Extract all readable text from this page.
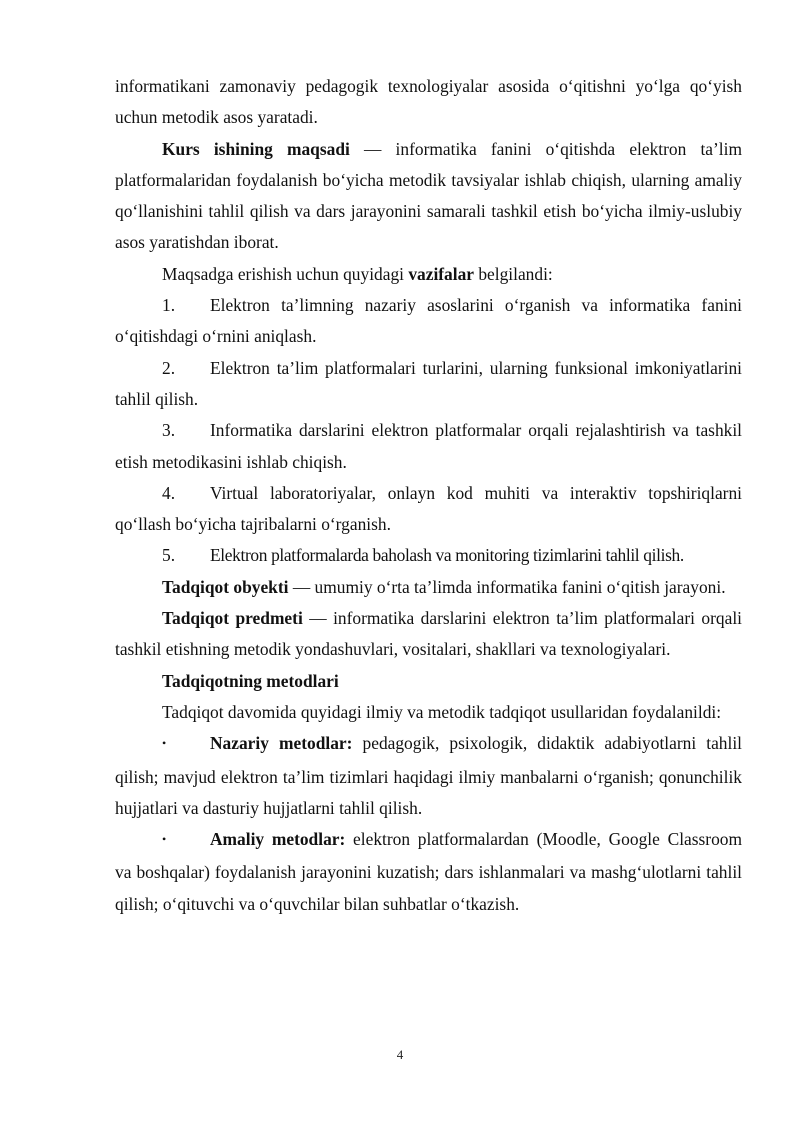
informatikani zamonaviy pedagogik texnologiyalar asosida o‘qitishni yo‘lga qo‘yish uchun metodik asos yaratadi.

Kurs ishining maqsadi — informatika fanini o‘qitishda elektron ta’lim platformalaridan foydalanish bo‘yicha metodik tavsiyalar ishlab chiqish, ularning amaliy qo‘llanishini tahlil qilish va dars jarayonini samarali tashkil etish bo‘yicha ilmiy-uslubiy asos yaratishdan iborat.

Maqsadga erishish uchun quyidagi vazifalar belgilandi:

1. Elektron ta’limning nazariy asoslarini o‘rganish va informatika fanini o‘qitishdagi o‘rnini aniqlash.

2. Elektron ta’lim platformalari turlarini, ularning funksional imkoniyatlarini tahlil qilish.

3. Informatika darslarini elektron platformalar orqali rejalashtirish va tashkil etish metodikasini ishlab chiqish.

4. Virtual laboratoriyalar, onlayn kod muhiti va interaktiv topshiriqlarni qo‘llash bo‘yicha tajribalarni o‘rganish.

5. Elektron platformalarda baholash va monitoring tizimlarini tahlil qilish.

Tadqiqot obyekti — umumiy o‘rta ta’limda informatika fanini o‘qitish jarayoni.

Tadqiqot predmeti — informatika darslarini elektron ta’lim platformalari orqali tashkil etishning metodik yondashuvlari, vositalari, shakllari va texnologiyalari.

Tadqiqotning metodlari

Tadqiqot davomida quyidagi ilmiy va metodik tadqiqot usullaridan foydalanildi:

•	Nazariy metodlar: pedagogik, psixologik, didaktik adabiyotlarni tahlil qilish; mavjud elektron ta’lim tizimlari haqidagi ilmiy manbalarni o‘rganish; qonunchilik hujjatlari va dasturiy hujjatlarni tahlil qilish.

•	Amaliy metodlar: elektron platformalardan (Moodle, Google Classroom va boshqalar) foydalanish jarayonini kuzatish; dars ishlanmalari va mashg‘ulotlarni tahlil qilish; o‘qituvchi va o‘quvchilar bilan suhbatlar o‘tkazish.

4
